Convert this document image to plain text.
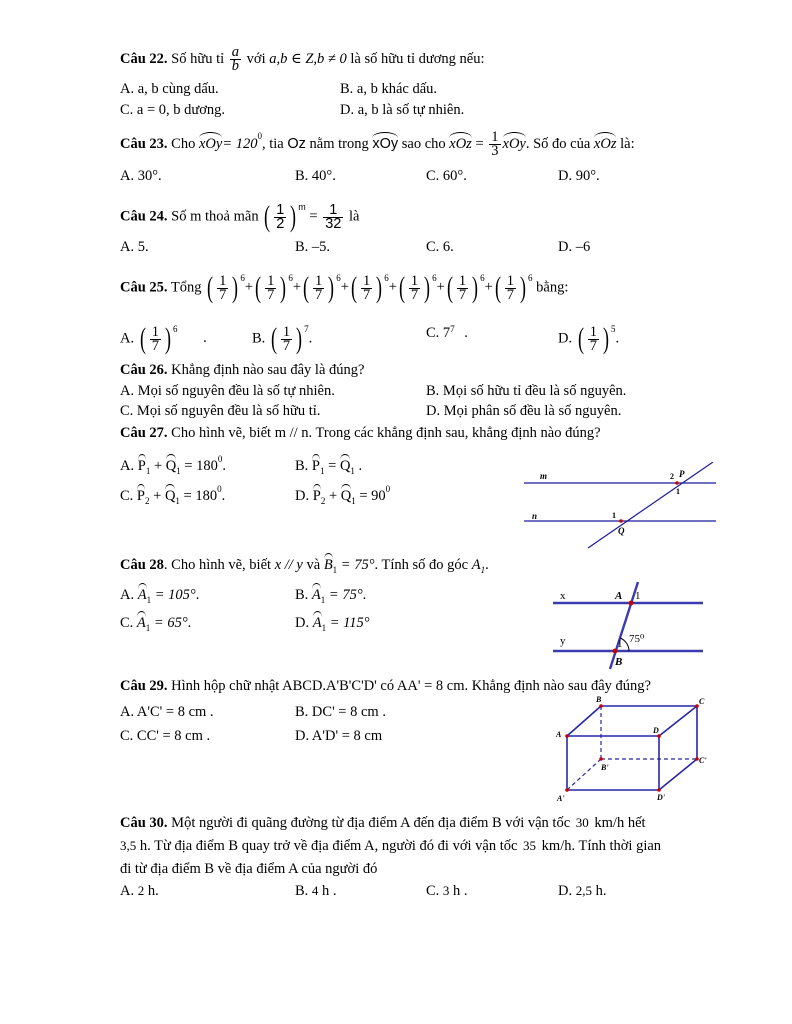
Câu 22. Số hữu tỉ $\frac{a}{b}$ với a,b ∈ Z,b ≠ 0 là số hữu tỉ dương nếu:
A. a, b cùng dấu.	B. a, b khác dấu.
C. a = 0, b dương.	D. a, b là số tự nhiên.
Câu 23. Cho $xOy= 120^0$, tia Oz nằm trong xOy sao cho xOz = $\frac{1}{3}$ xOy. Số đo của xOz là:
A. 30°.	B. 40°.	C. 60°.	D. 90°.
Câu 24. Số m thoả mãn ( $\frac{1}{2}$ ) $^m = \frac{1}{32}$ là
A. 5.	B. –5.	C. 6.	D. –6
Câu 25. Tổng ( $\frac{1}{7}$ ) $^6$+ ( $\frac{1}{7}$ ) $^6$+ ( $\frac{1}{7}$ ) $^6$+ ( $\frac{1}{7}$ ) $^6$+ ( $\frac{1}{7}$ ) $^6$+ ( $\frac{1}{7}$ ) $^6$+ ( $\frac{1}{7}$ ) $^6$ bằng:
A. ( $\frac{1}{7}$ ) $^6$ .	B. ( $\frac{1}{7}$ ) $^7$.	C. $7^7$ .	D. ( $\frac{1}{7}$ ) $^5$.
Câu 26. Khẳng định nào sau đây là đúng?
A. Mọi số nguyên đều là số tự nhiên.	B. Mọi số hữu tỉ đều là số nguyên.
C. Mọi số nguyên đều là số hữu tỉ.	D. Mọi phân số đều là số nguyên.
Câu 27. Cho hình vẽ, biết m // n. Trong các khẳng định sau, khẳng định nào đúng?
A. $P_1 + Q_1 = 180^0$.	B. $P_1 = Q_1$ .
C. $P_2 + Q_1 = 180^0$.	D. $P_2 + Q_1 = 90^0$
m
n
P
Q
2
1
1
Câu 28. Cho hình vẽ, biết x // y và $B_1 = 75^\circ$. Tính số đo góc $A_1$.
A. $A_1 = 105^\circ$.	B. $A_1 = 75^\circ$.
C. $A_1 = 65^\circ$.	D. $A_1 = 115^\circ$
x
y
A 1
B
1 75⁰
Câu 29. Hình hộp chữ nhật ABCD.A'B'C'D' có AA' = 8 cm. Khẳng định nào sau đây đúng?
A. A'C' = 8 cm .	B. DC' = 8 cm .
C. CC' = 8 cm .	D. A'D' = 8 cm	A
B	C
D
A'
B'
C'
D'
Câu 30. Một người đi quãng đường từ địa điểm A đến địa điểm B với vận tốc 30 km/h hết
3,5 h. Từ địa điểm B quay trở về địa điểm A, người đó đi với vận tốc 35 km/h. Tính thời gian
đi từ địa điểm B về địa điểm A của người đó
A. 2 h.	B. 4 h .	C. 3 h .	D. 2,5 h.
